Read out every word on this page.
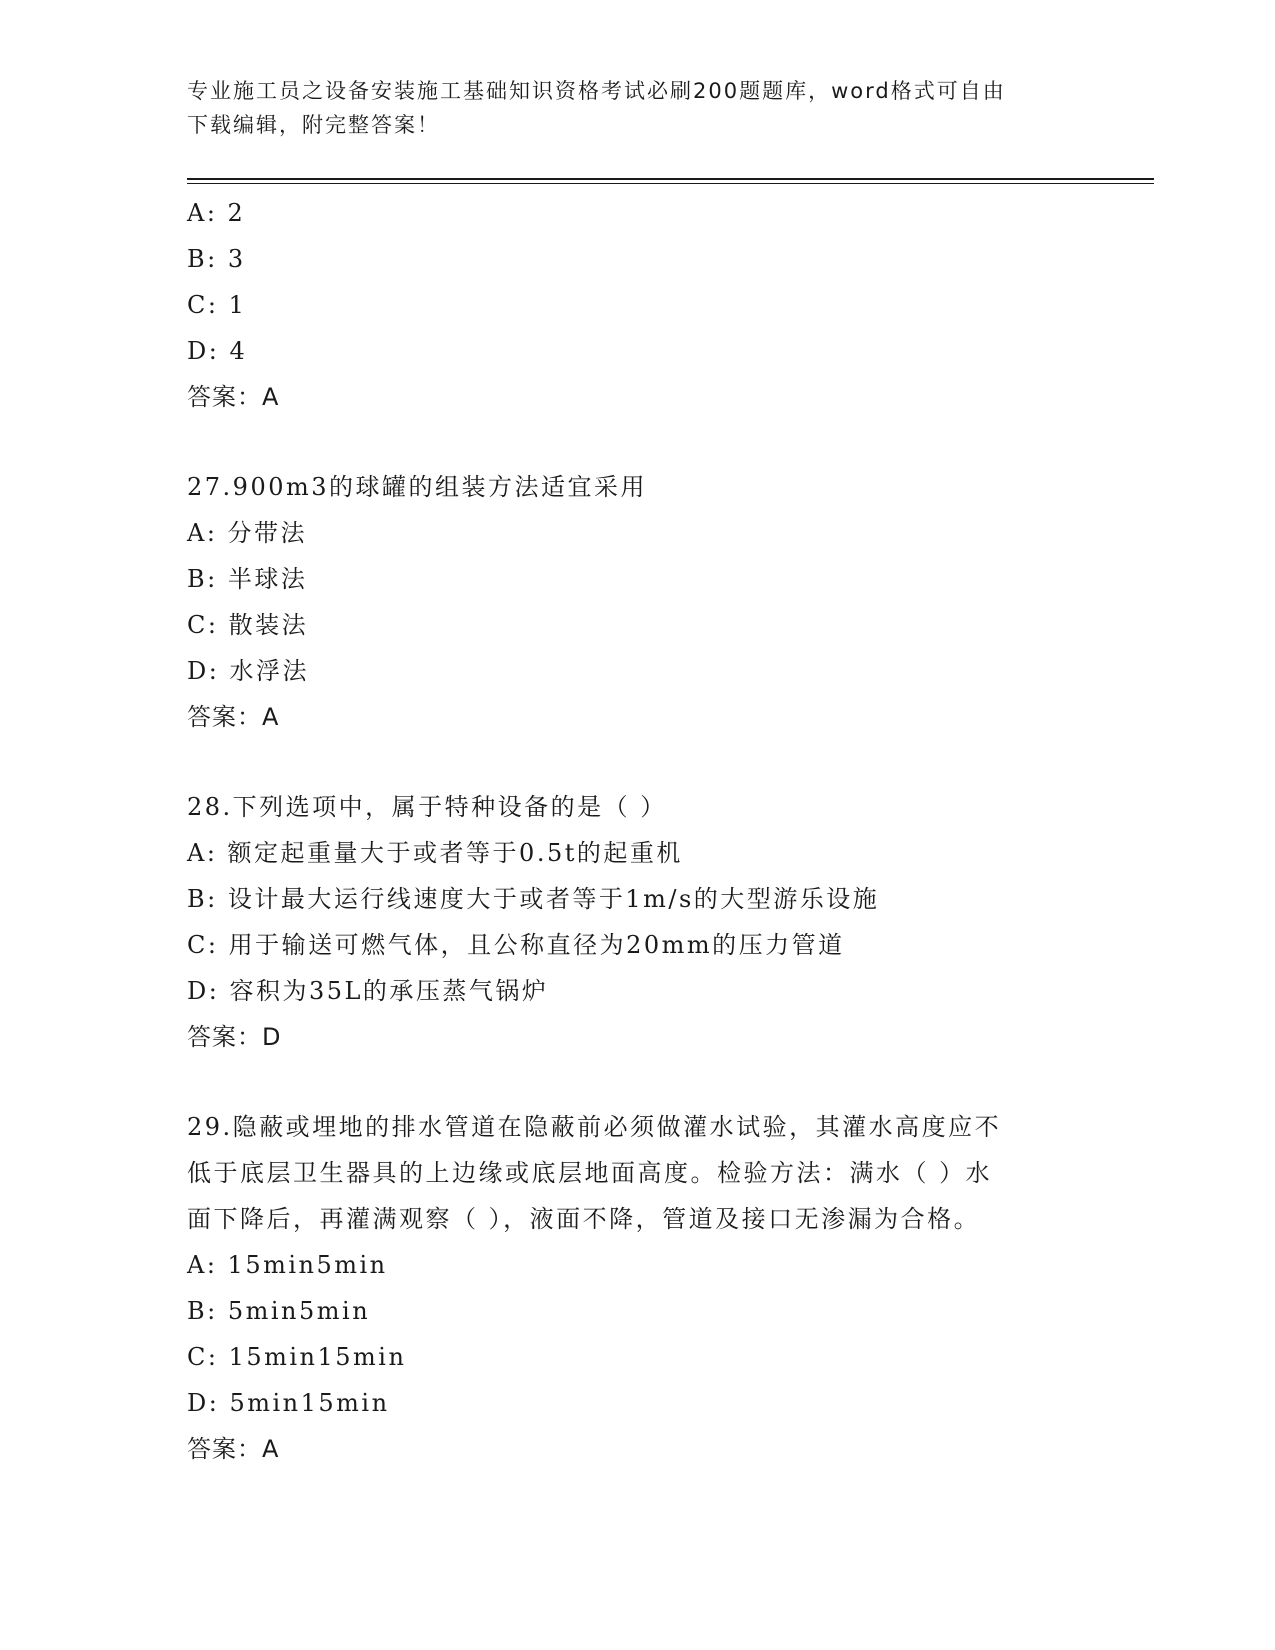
专业施工员之设备安装施工基础知识资格考试必刷200题题库，word格式可自由
下载编辑，附完整答案！
A: 2
B: 3
C: 1
D: 4
答案：A
27.900m3的球罐的组装方法适宜采用
A: 分带法
B: 半球法
C: 散装法
D: 水浮法
答案：A
28.下列选项中，属于特种设备的是（ ）
A: 额定起重量大于或者等于0.5t的起重机
B: 设计最大运行线速度大于或者等于1m/s的大型游乐设施
C: 用于输送可燃气体，且公称直径为20mm的压力管道
D: 容积为35L的承压蒸气锅炉
答案：D
29.隐蔽或埋地的排水管道在隐蔽前必须做灌水试验，其灌水高度应不
低于底层卫生器具的上边缘或底层地面高度。检验方法：满水（ ）水
面下降后，再灌满观察（ ），液面不降，管道及接口无渗漏为合格。
A: 15min5min
B: 5min5min
C: 15min15min
D: 5min15min
答案：A
